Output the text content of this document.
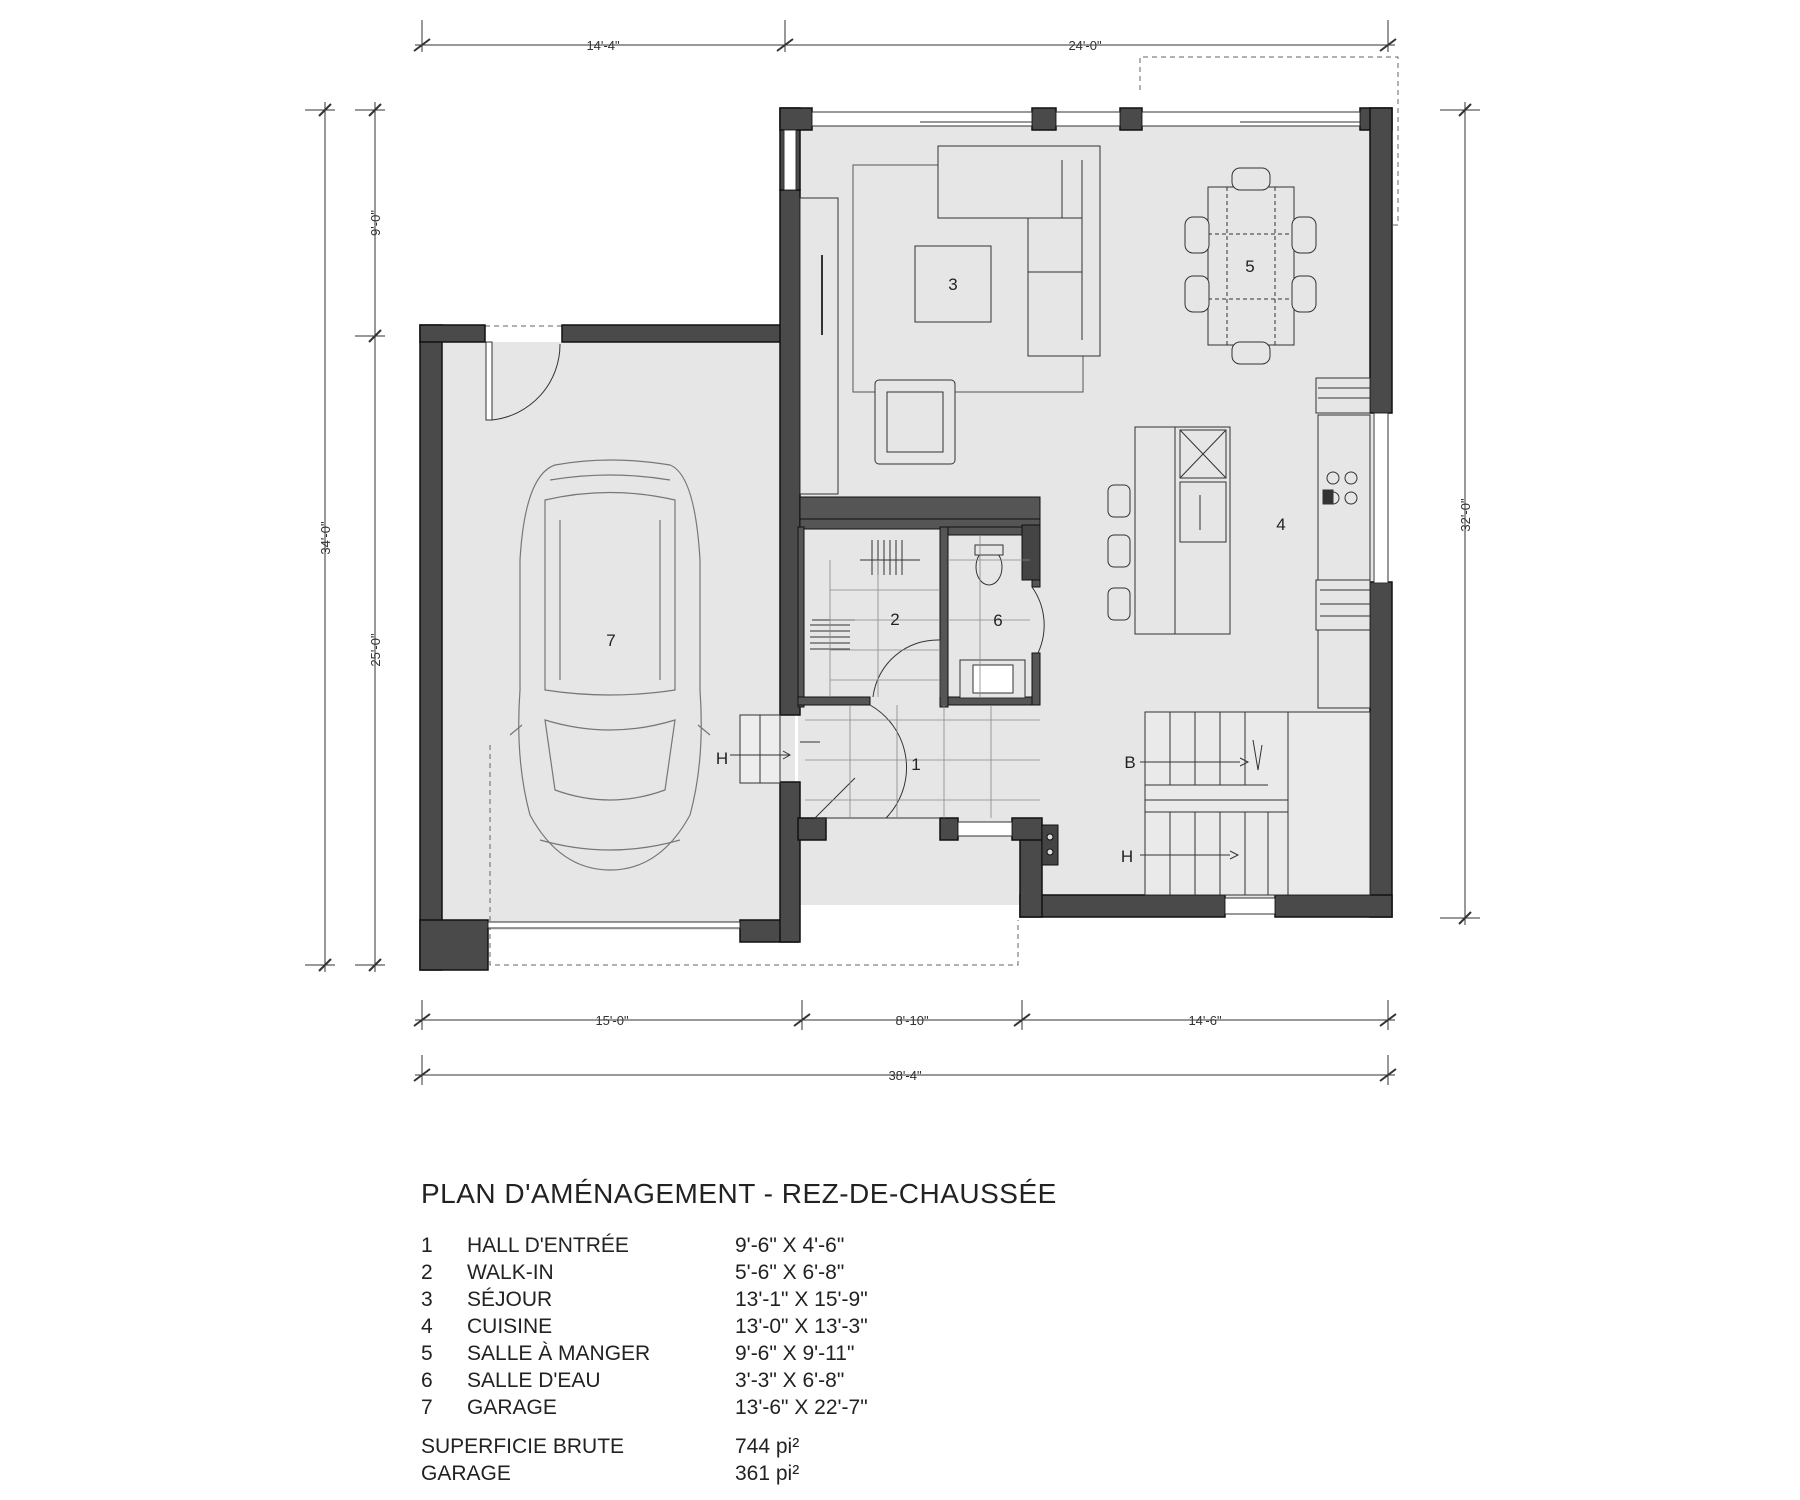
14'-4"	24'-0"
15'-0"	8'-10"	14'-6"
38'-4"
34'-0"
9'-0"
25'-0"
32'-0"
1
2
3
4
5
6
7
H	B
H
PLAN D'AMÉNAGEMENT - REZ-DE-CHAUSSÉE
1	HALL D'ENTRÉE	9'-6" X 4'-6"
2	WALK-IN	5'-6" X 6'-8"
3	SÉJOUR	13'-1" X 15'-9"
4	CUISINE	13'-0" X 13'-3"
5	SALLE À MANGER	9'-6" X 9'-11"
6	SALLE D'EAU	3'-3" X 6'-8"
7	GARAGE	13'-6" X 22'-7"
SUPERFICIE BRUTE	744 pi²
GARAGE	361 pi²
